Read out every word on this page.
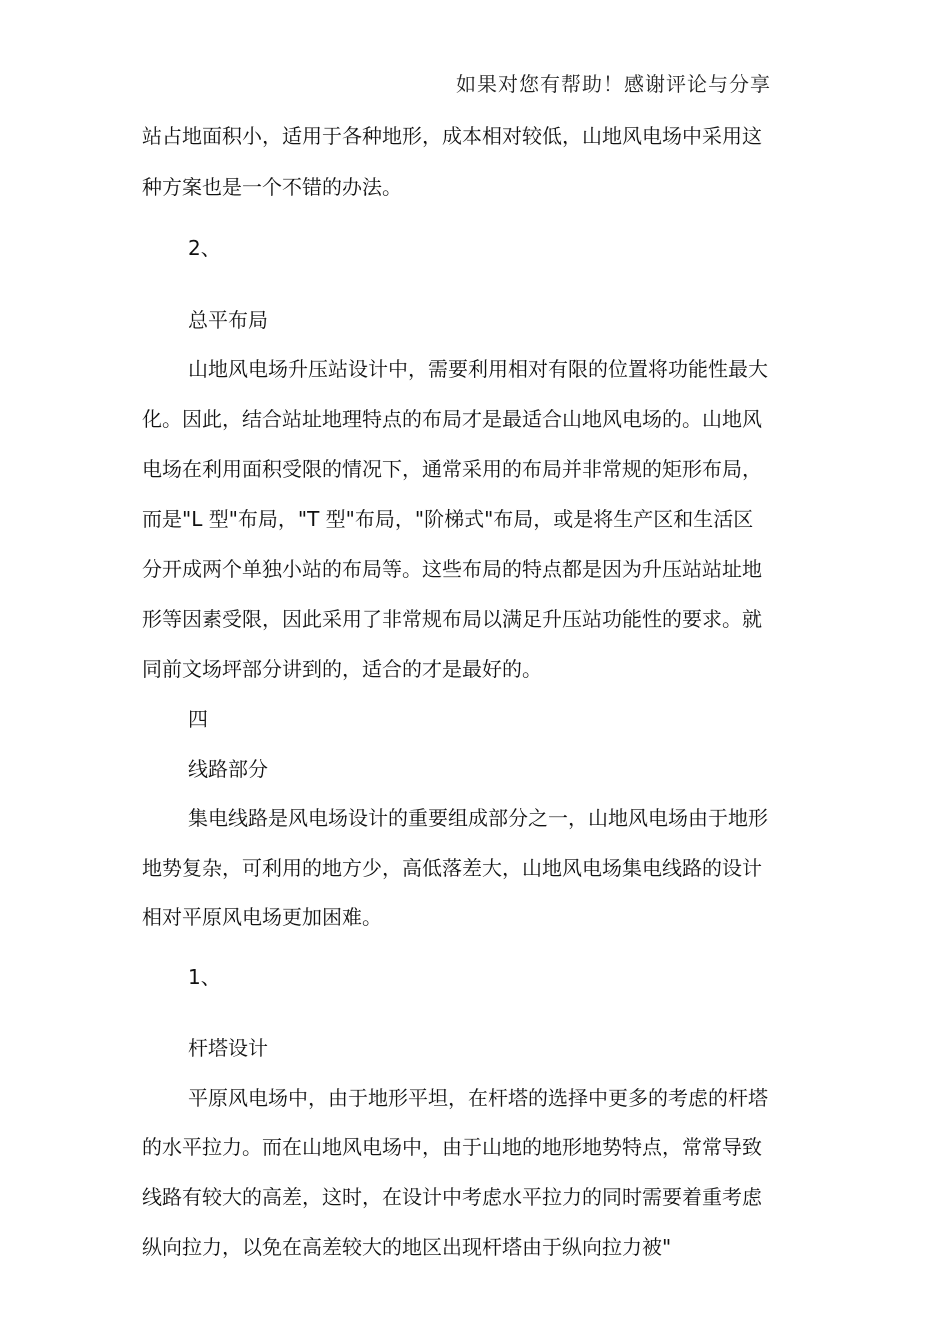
如果对您有帮助！感谢评论与分享
站占地面积小，适用于各种地形，成本相对较低，山地风电场中采用这
种方案也是一个不错的办法。
2、
总平布局
山地风电场升压站设计中，需要利用相对有限的位置将功能性最大
化。因此，结合站址地理特点的布局才是最适合山地风电场的。山地风
电场在利用面积受限的情况下，通常采用的布局并非常规的矩形布局，
而是"L 型"布局，"T 型"布局，"阶梯式"布局，或是将生产区和生活区
分开成两个单独小站的布局等。这些布局的特点都是因为升压站站址地
形等因素受限，因此采用了非常规布局以满足升压站功能性的要求。就
同前文场坪部分讲到的，适合的才是最好的。
四
线路部分
集电线路是风电场设计的重要组成部分之一，山地风电场由于地形
地势复杂，可利用的地方少，高低落差大，山地风电场集电线路的设计
相对平原风电场更加困难。
1、
杆塔设计
平原风电场中，由于地形平坦，在杆塔的选择中更多的考虑的杆塔
的水平拉力。而在山地风电场中，由于山地的地形地势特点，常常导致
线路有较大的高差，这时，在设计中考虑水平拉力的同时需要着重考虑
纵向拉力，以免在高差较大的地区出现杆塔由于纵向拉力被"
